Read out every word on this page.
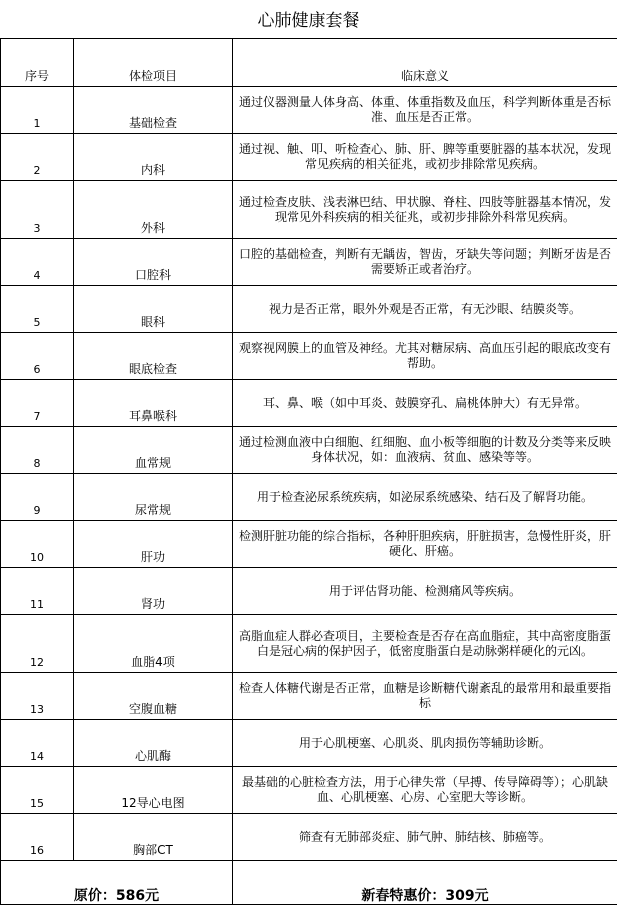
心肺健康套餐
序号	体检项目	临床意义
1	基础检查	通过仪器测量人体身高、体重、体重指数及血压，科学判断体重是否标准、血压是否正常。
2	内科	通过视、触、叩、听检查心、肺、肝、脾等重要脏器的基本状况，发现常见疾病的相关征兆，或初步排除常见疾病。
3	外科	通过检查皮肤、浅表淋巴结、甲状腺、脊柱、四肢等脏器基本情况，发现常见外科疾病的相关征兆，或初步排除外科常见疾病。
4	口腔科	口腔的基础检查，判断有无龋齿，智齿，牙缺失等问题；判断牙齿是否需要矫正或者治疗。
5	眼科	视力是否正常，眼外外观是否正常，有无沙眼、结膜炎等。
6	眼底检查	观察视网膜上的血管及神经。尤其对糖尿病、高血压引起的眼底改变有帮助。
7	耳鼻喉科	耳、鼻、喉（如中耳炎、鼓膜穿孔、扁桃体肿大）有无异常。
8	血常规	通过检测血液中白细胞、红细胞、血小板等细胞的计数及分类等来反映身体状况，如：血液病、贫血、感染等等。
9	尿常规	用于检查泌尿系统疾病，如泌尿系统感染、结石及了解肾功能。
10	肝功	检测肝脏功能的综合指标，各种肝胆疾病，肝脏损害，急慢性肝炎，肝硬化、肝癌。
11	肾功	用于评估肾功能、检测痛风等疾病。
12	血脂4项	高脂血症人群必查项目，主要检查是否存在高血脂症，其中高密度脂蛋白是冠心病的保护因子，低密度脂蛋白是动脉粥样硬化的元凶。
13	空腹血糖	检查人体糖代谢是否正常，血糖是诊断糖代谢紊乱的最常用和最重要指标
14	心肌酶	用于心肌梗塞、心肌炎、肌肉损伤等辅助诊断。
15	12导心电图	最基础的心脏检查方法，用于心律失常（早搏、传导障碍等）；心肌缺血、心肌梗塞、心房、心室肥大等诊断。
16	胸部CT	筛查有无肺部炎症、肺气肿、肺结核、肺癌等。
原价：586元		新春特惠价：309元
